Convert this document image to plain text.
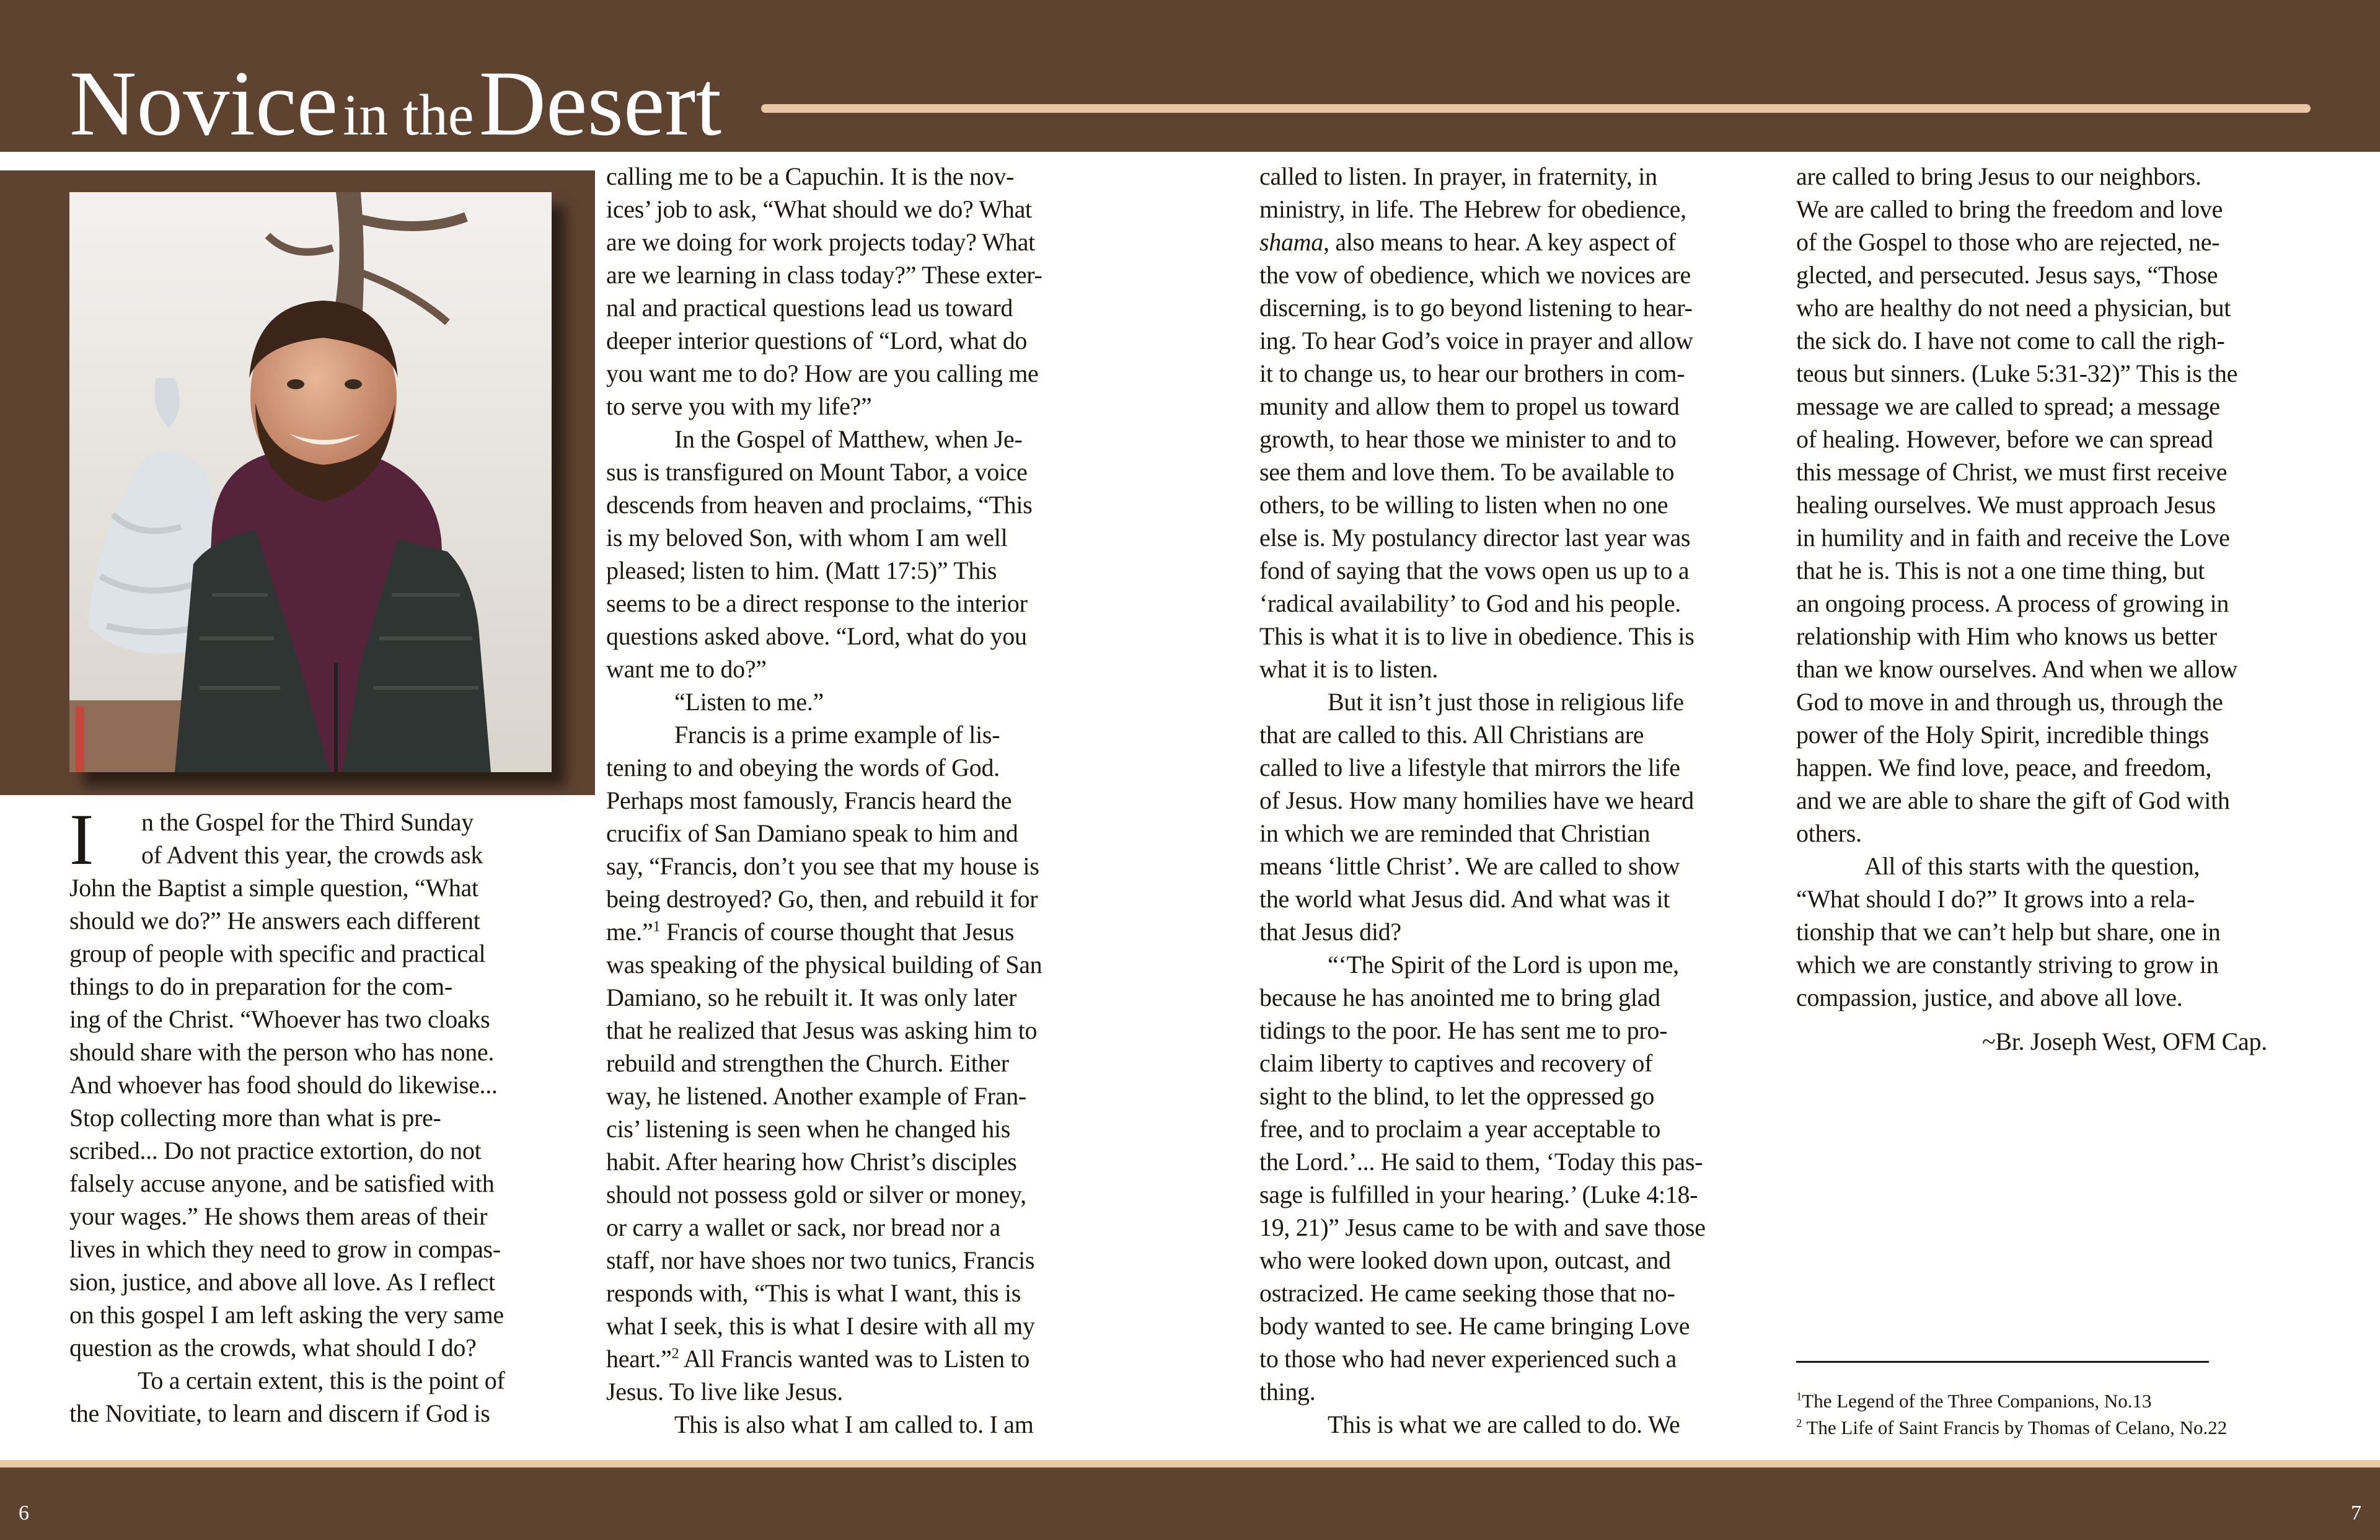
Novice in the Desert
I	n the Gospel for the Third Sunday
of Advent this year, the crowds ask
John the Baptist a simple question, “What
should we do?” He answers each different
group of people with specific and practical
things to do in preparation for the com-
ing of the Christ. “Whoever has two cloaks
should share with the person who has none.
And whoever has food should do likewise...
Stop collecting more than what is pre-
scribed... Do not practice extortion, do not
falsely accuse anyone, and be satisfied with
your wages.” He shows them areas of their
lives in which they need to grow in compas-
sion, justice, and above all love. As I reflect
on this gospel I am left asking the very same
question as the crowds, what should I do?
To a certain extent, this is the point of
the Novitiate, to learn and discern if God is
calling me to be a Capuchin. It is the nov-
ices’ job to ask, “What should we do? What
are we doing for work projects today? What
are we learning in class today?” These exter-
nal and practical questions lead us toward
deeper interior questions of “Lord, what do
you want me to do? How are you calling me
to serve you with my life?”
In the Gospel of Matthew, when Je-
sus is transfigured on Mount Tabor, a voice
descends from heaven and proclaims, “This
is my beloved Son, with whom I am well
pleased; listen to him. (Matt 17:5)” This
seems to be a direct response to the interior
questions asked above. “Lord, what do you
want me to do?”
“Listen to me.”
Francis is a prime example of lis-
tening to and obeying the words of God.
Perhaps most famously, Francis heard the
crucifix of San Damiano speak to him and
say, “Francis, don’t you see that my house is
being destroyed? Go, then, and rebuild it for
me.”$^1$ Francis of course thought that Jesus
was speaking of the physical building of San
Damiano, so he rebuilt it. It was only later
that he realized that Jesus was asking him to
rebuild and strengthen the Church. Either
way, he listened. Another example of Fran-
cis’ listening is seen when he changed his
habit. After hearing how Christ’s disciples
should not possess gold or silver or money,
or carry a wallet or sack, nor bread nor a
staff, nor have shoes nor two tunics, Francis
responds with, “This is what I want, this is
what I seek, this is what I desire with all my
heart.”$^2$ All Francis wanted was to Listen to
Jesus. To live like Jesus.
This is also what I am called to. I am
called to listen. In prayer, in fraternity, in
ministry, in life. The Hebrew for obedience,
shama, also means to hear. A key aspect of
the vow of obedience, which we novices are
discerning, is to go beyond listening to hear-
ing. To hear God’s voice in prayer and allow
it to change us, to hear our brothers in com-
munity and allow them to propel us toward
growth, to hear those we minister to and to
see them and love them. To be available to
others, to be willing to listen when no one
else is. My postulancy director last year was
fond of saying that the vows open us up to a
‘radical availability’ to God and his people.
This is what it is to live in obedience. This is
what it is to listen.
But it isn’t just those in religious life
that are called to this. All Christians are
called to live a lifestyle that mirrors the life
of Jesus. How many homilies have we heard
in which we are reminded that Christian
means ‘little Christ’. We are called to show
the world what Jesus did. And what was it
that Jesus did?
“‘The Spirit of the Lord is upon me,
because he has anointed me to bring glad
tidings to the poor. He has sent me to pro-
claim liberty to captives and recovery of
sight to the blind, to let the oppressed go
free, and to proclaim a year acceptable to
the Lord.’... He said to them, ‘Today this pas-
sage is fulfilled in your hearing.’ (Luke 4:18-
19, 21)” Jesus came to be with and save those
who were looked down upon, outcast, and
ostracized. He came seeking those that no-
body wanted to see. He came bringing Love
to those who had never experienced such a
thing.
This is what we are called to do. We
are called to bring Jesus to our neighbors.
We are called to bring the freedom and love
of the Gospel to those who are rejected, ne-
glected, and persecuted. Jesus says, “Those
who are healthy do not need a physician, but
the sick do. I have not come to call the righ-
teous but sinners. (Luke 5:31-32)” This is the
message we are called to spread; a message
of healing. However, before we can spread
this message of Christ, we must first receive
healing ourselves. We must approach Jesus
in humility and in faith and receive the Love
that he is. This is not a one time thing, but
an ongoing process. A process of growing in
relationship with Him who knows us better
than we know ourselves. And when we allow
God to move in and through us, through the
power of the Holy Spirit, incredible things
happen. We find love, peace, and freedom,
and we are able to share the gift of God with
others.
All of this starts with the question,
“What should I do?” It grows into a rela-
tionship that we can’t help but share, one in
which we are constantly striving to grow in
compassion, justice, and above all love.
~Br. Joseph West, OFM Cap.
$^1$The Legend of the Three Companions, No.13
$^2$ The Life of Saint Francis by Thomas of Celano, No.22
6	7
